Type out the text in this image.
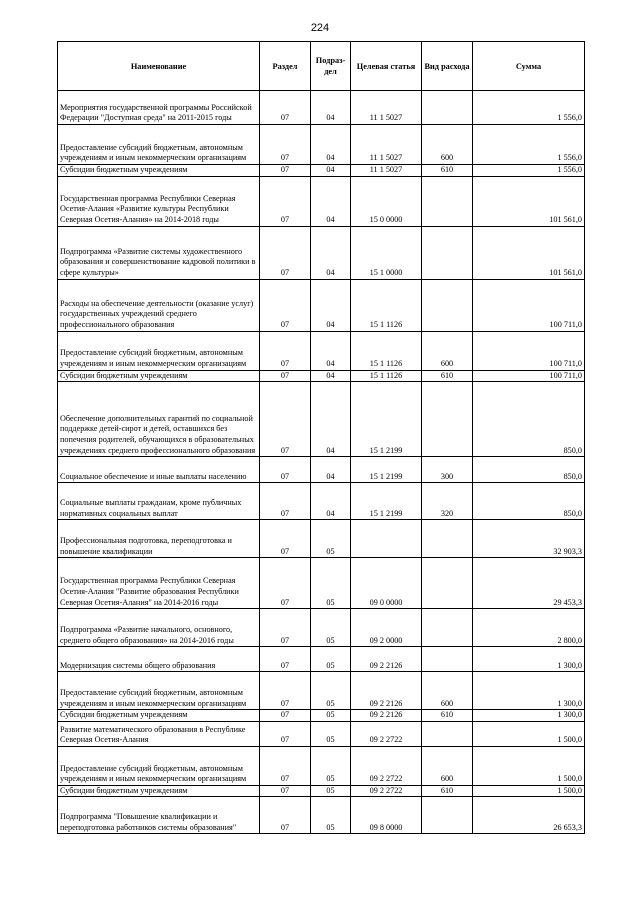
224
Наименование	Раздел	Подраз-дел	Целевая статья	Вид расхода	Сумма
Мероприятия государственной программы Российской Федерации "Доступная среда" на 2011-2015 годы	07	04	11 1 5027		1 556,0
Предоставление субсидий бюджетным, автономным учреждениям и иным некоммерческим организациям	07	04	11 1 5027	600	1 556,0
Субсидии бюджетным учреждениям	07	04	11 1 5027	610	1 556,0
Государственная программа Республики Северная Осетия-Алания «Развитие культуры Республики Северная Осетия-Алания» на 2014-2018 годы	07	04	15 0 0000		101 561,0
Подпрограмма «Развитие системы художественного образования и совершенствование кадровой политики в сфере культуры»	07	04	15 1 0000		101 561,0
Расходы на обеспечение деятельности (оказание услуг) государственных учреждений среднего профессионального образования	07	04	15 1 1126		100 711,0
Предоставление субсидий бюджетным, автономным учреждениям и иным некоммерческим организациям	07	04	15 1 1126	600	100 711,0
Субсидии бюджетным учреждениям	07	04	15 1 1126	610	100 711,0
Обеспечение дополнительных гарантий по социальной поддержке детей-сирот и детей, оставшихся без попечения родителей, обучающихся в образовательных учреждениях среднего профессионального образования	07	04	15 1 2199		850,0
Социальное обеспечение и иные выплаты населению	07	04	15 1 2199	300	850,0
Социальные выплаты гражданам, кроме публичных нормативных социальных выплат	07	04	15 1 2199	320	850,0
Профессиональная подготовка, переподготовка и повышение квалификации	07	05			32 903,3
Государственная программа Республики Северная Осетия-Алания "Развитие образования Республики Северная Осетия-Алания" на 2014-2016 годы	07	05	09 0 0000		29 453,3
Подпрограмма «Развитие начального, основного, среднего общего образования» на 2014-2016 годы	07	05	09 2 0000		2 800,0
Модернизация системы общего образования	07	05	09 2 2126		1 300,0
Предоставление субсидий бюджетным, автономным учреждениям и иным некоммерческим организациям	07	05	09 2 2126	600	1 300,0
Субсидии бюджетным учреждениям	07	05	09 2 2126	610	1 300,0
Развитие математического образования в Республике Северная Осетия-Алания	07	05	09 2 2722		1 500,0
Предоставление субсидий бюджетным, автономным учреждениям и иным некоммерческим организациям	07	05	09 2 2722	600	1 500,0
Субсидии бюджетным учреждениям	07	05	09 2 2722	610	1 500,0
Подпрограмма "Повышение квалификации и переподготовка работников системы образования"	07	05	09 8 0000		26 653,3
